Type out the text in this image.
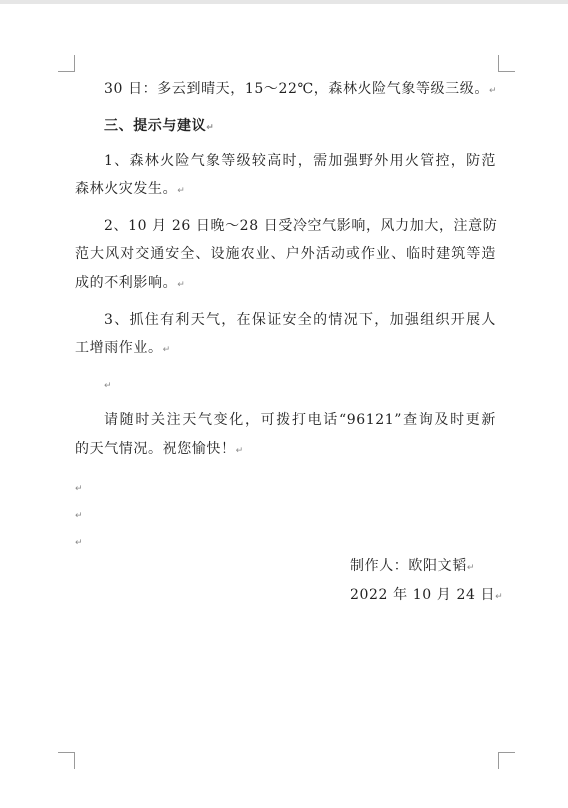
30 日：多云到晴天，15～22℃，森林火险气象等级三级。↵
三、提示与建议↵
1、森林火险气象等级较高时，需加强野外用火管控，防范
森林火灾发生。↵
2、10 月 26 日晚～28 日受冷空气影响，风力加大，注意防
范大风对交通安全、设施农业、户外活动或作业、临时建筑等造
成的不利影响。↵
3、抓住有利天气，在保证安全的情况下，加强组织开展人
工增雨作业。↵
↵
请随时关注天气变化，可拨打电话“96121”查询及时更新
的天气情况。祝您愉快！↵
↵
↵
↵
制作人：欧阳文韬↵
2022 年 10 月 24 日↵
